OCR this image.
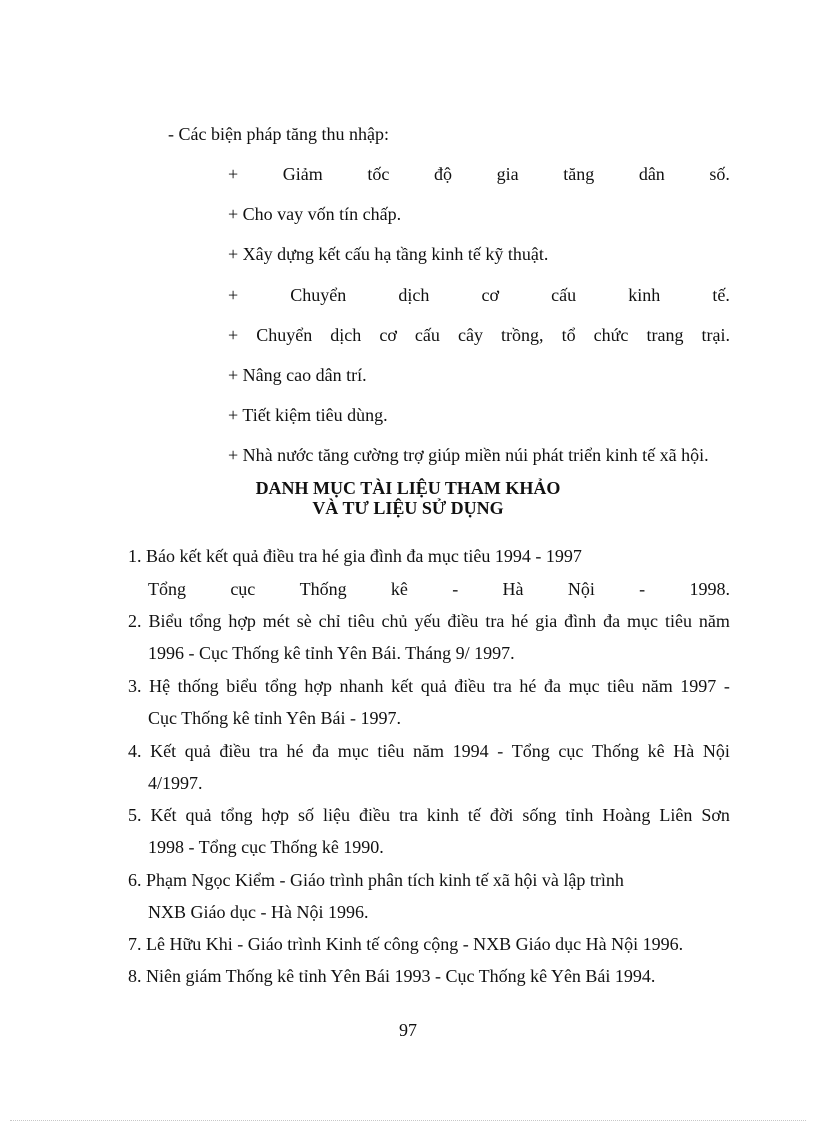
- Các biện pháp tăng thu nhập:
+ Giảm tốc độ gia tăng dân số.
+ Cho vay vốn tín chấp.
+ Xây dựng kết cấu hạ tầng kinh tế kỹ thuật.
+	Chuyển	dịch	cơ	cấu	kinh	tế.
+ Chuyển dịch cơ cấu cây trồng, tổ chức trang trại.
+ Nâng cao dân trí.
+ Tiết kiệm tiêu dùng.
+ Nhà nước tăng cường trợ giúp miền núi phát triển kinh tế xã hội.
DANH MỤC TÀI LIỆU THAM KHẢO
VÀ TƯ LIỆU SỬ DỤNG
1. Báo kết kết quả điều tra hé gia đình đa mục tiêu 1994 - 1997
Tổng cục Thống kê - Hà Nội - 1998.
2. Biểu tổng hợp mét sè chỉ tiêu chủ yếu điều tra hé gia đình đa mục tiêu năm
1996 - Cục Thống kê tỉnh Yên Bái. Tháng 9/ 1997.
3. Hệ thống biểu tổng hợp nhanh kết quả điều tra hé đa mục tiêu năm 1997 -
Cục Thống kê tỉnh Yên Bái - 1997.
4. Kết quả điều tra hé đa mục tiêu năm 1994 - Tổng cục Thống kê Hà Nội
4/1997.
5. Kết quả tổng hợp số liệu điều tra kinh tế đời sống tỉnh Hoàng Liên Sơn
1998 - Tổng cục Thống kê 1990.
6. Phạm Ngọc Kiểm - Giáo trình phân tích kinh tế xã hội và lập trình
NXB Giáo dục - Hà Nội 1996.
7. Lê Hữu Khi - Giáo trình Kinh tế công cộng - NXB Giáo dục Hà Nội 1996.
8. Niên giám Thống kê tỉnh Yên Bái 1993 - Cục Thống kê Yên Bái 1994.
97
